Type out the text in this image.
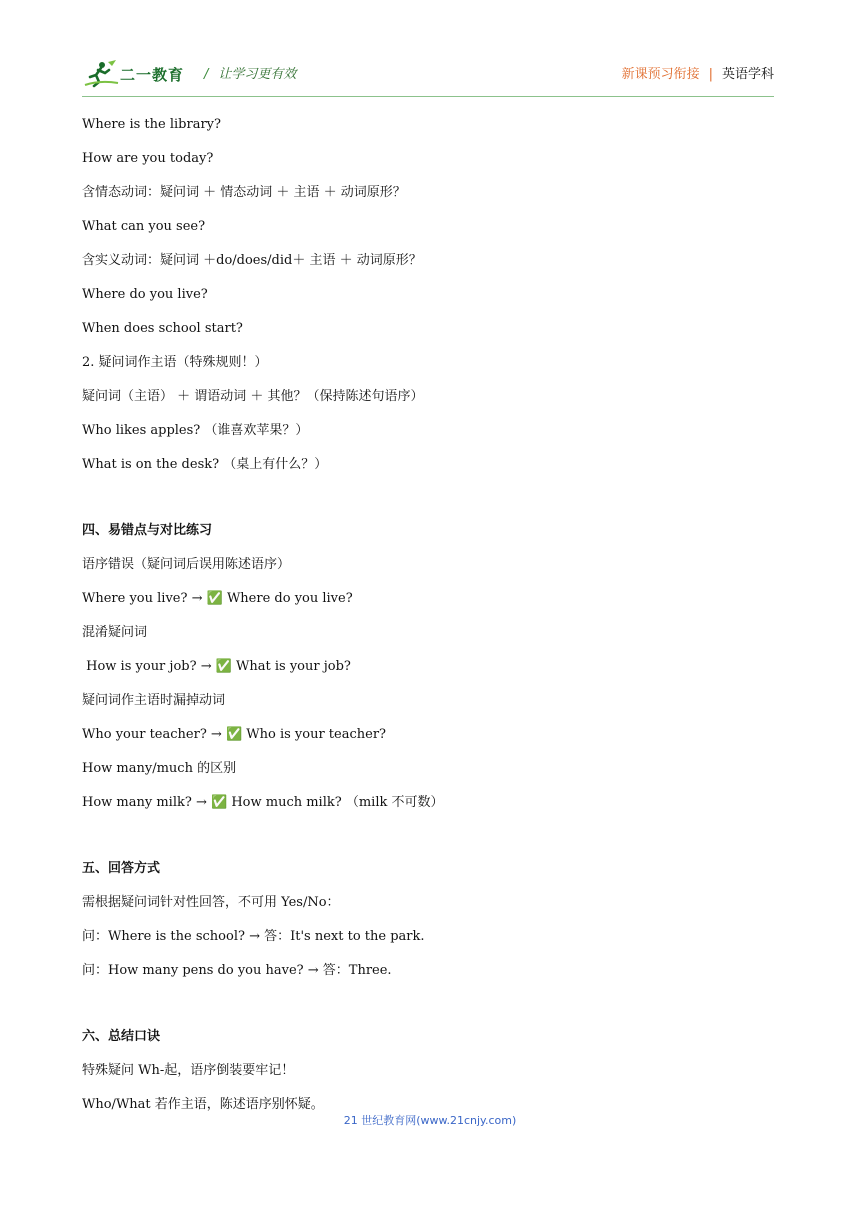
二一教育 / 让学习更有效	新课预习衔接 | 英语学科
Where is the library?
How are you today?
含情态动词：疑问词 ＋ 情态动词 ＋ 主语 ＋ 动词原形？
What can you see?
含实义动词：疑问词 ＋do/does/did＋ 主语 ＋ 动词原形？
Where do you live?
When does school start?
2. 疑问词作主语（特殊规则！）
疑问词（主语） ＋ 谓语动词 ＋ 其他？（保持陈述句语序）
Who likes apples? （谁喜欢苹果？）
What is on the desk? （桌上有什么？）
四、易错点与对比练习
语序错误（疑问词后误用陈述语序）
Where you live? → ✅ Where do you live?
混淆疑问词
How is your job? → ✅ What is your job?
疑问词作主语时漏掉动词
Who your teacher? → ✅ Who is your teacher?
How many/much 的区别
How many milk? → ✅ How much milk? （milk 不可数）
五、回答方式
需根据疑问词针对性回答，不可用 Yes/No：
问：Where is the school? → 答：It's next to the park.
问：How many pens do you have? → 答：Three.
六、总结口诀
特殊疑问 Wh-起，语序倒装要牢记！
Who/What 若作主语，陈述语序别怀疑。
21 世纪教育网(www.21cnjy.com)
